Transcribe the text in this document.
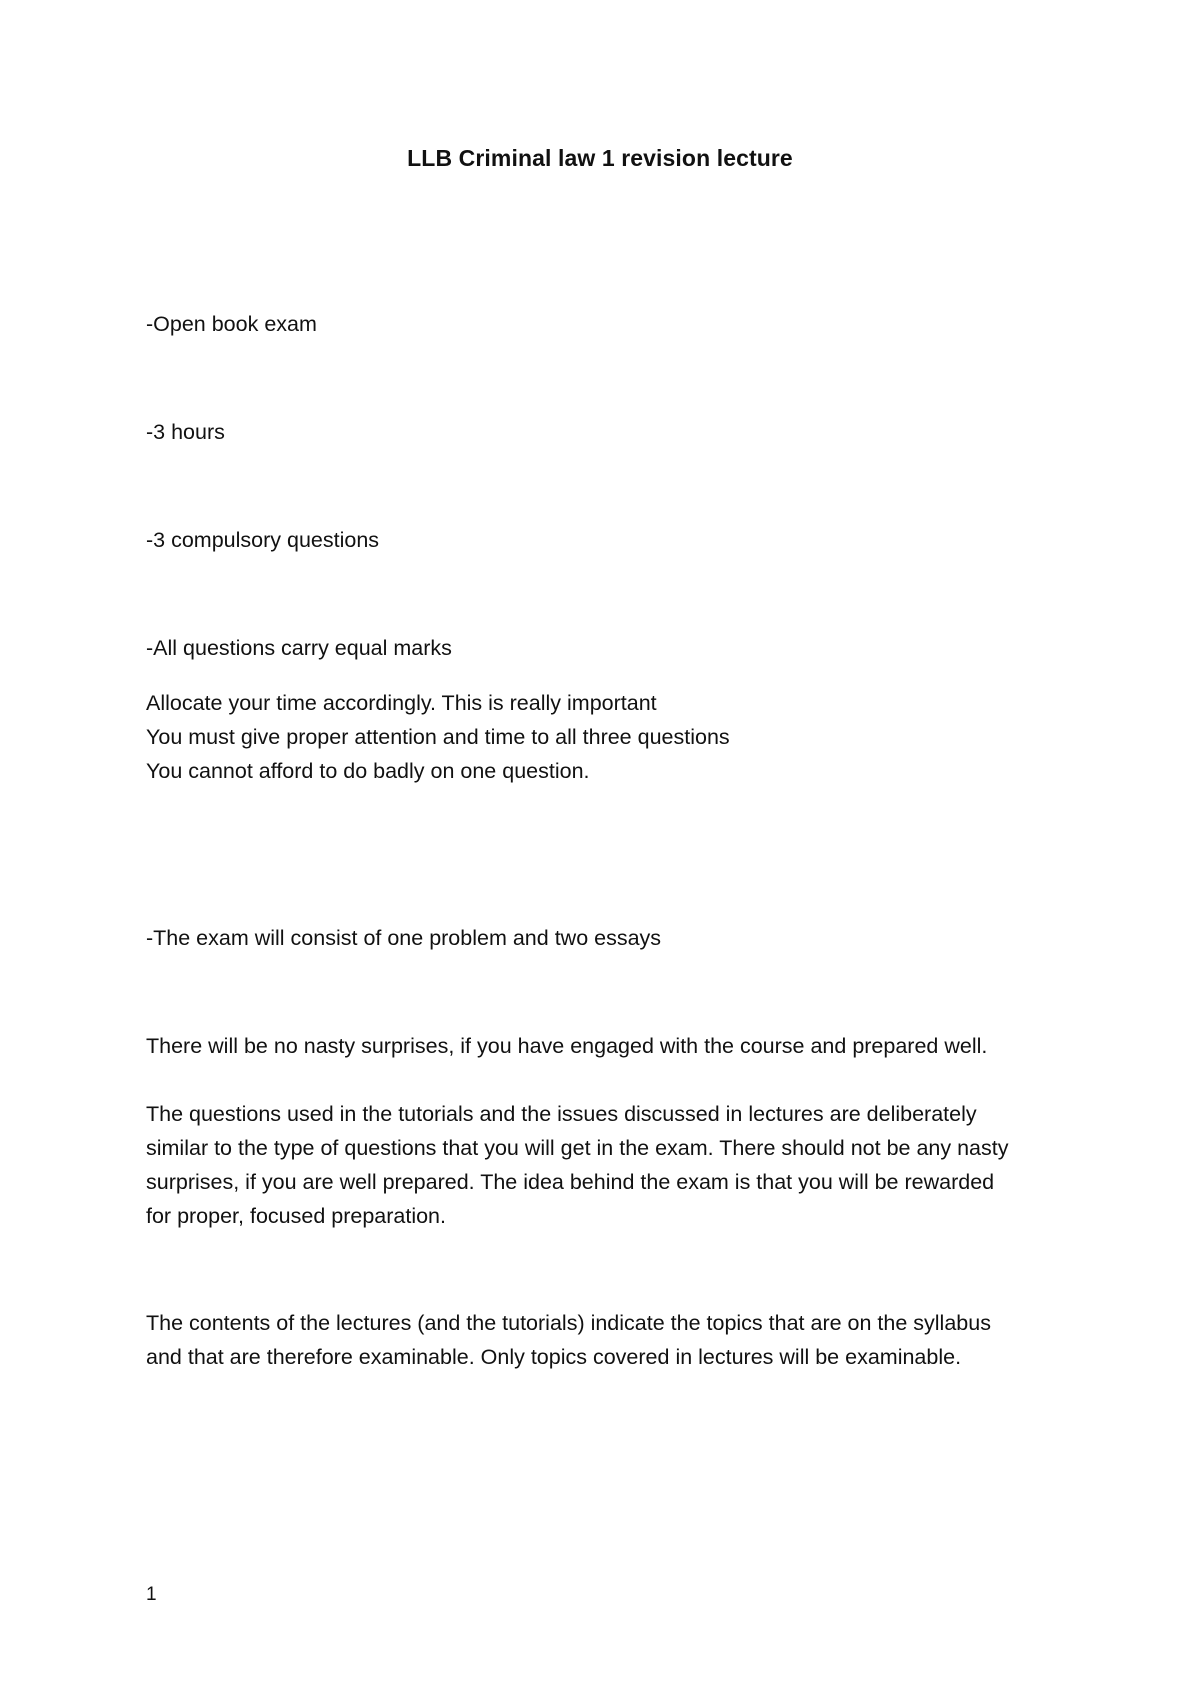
LLB Criminal law 1 revision lecture
-Open book exam
-3 hours
-3 compulsory questions
-All questions carry equal marks

Allocate your time accordingly. This is really important

You must give proper attention and time to all three questions

You cannot afford to do badly on one question.

-The exam will consist of one problem and two essays
There will be no nasty surprises, if you have engaged with the course and prepared well.

The questions used in the tutorials and the issues discussed in lectures are deliberately

similar to the type of questions that you will get in the exam. There should not be any nasty

surprises, if you are well prepared. The idea behind the exam is that you will be rewarded

for proper, focused preparation.

The contents of the lectures (and the tutorials) indicate the topics that are on the syllabus

and that are therefore examinable. Only topics covered in lectures will be examinable.

1
